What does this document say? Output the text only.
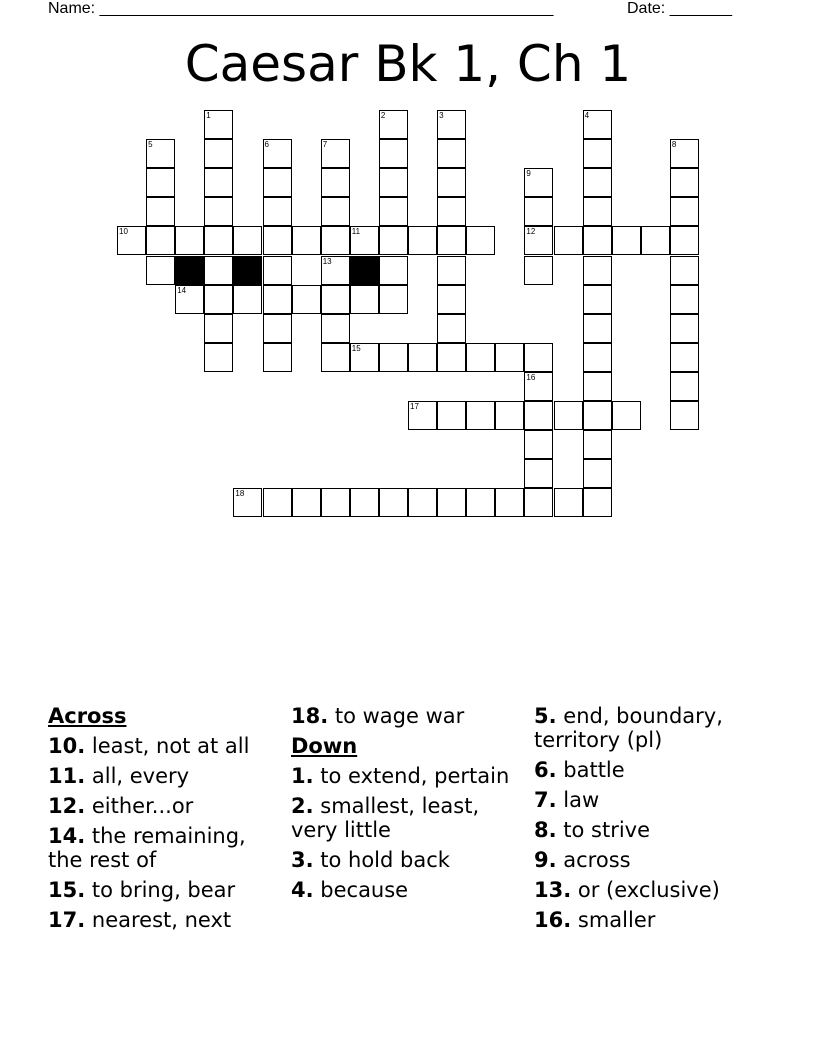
Name: ___________________________________________________	Date: _______
Caesar Bk 1, Ch 1
1	2	3	4
5	6	7
13
8
9
12
16
10	11
14
15
17
18
Across
10. least, not at all
11. all, every
12. either...or
14. the remaining, the rest of
15. to bring, bear
17. nearest, next
18. to wage war
Down
1. to extend, pertain
2. smallest, least, very little
3. to hold back
4. because
5. end, boundary, territory (pl)
6. battle
7. law
8. to strive
9. across
13. or (exclusive)
16. smaller
